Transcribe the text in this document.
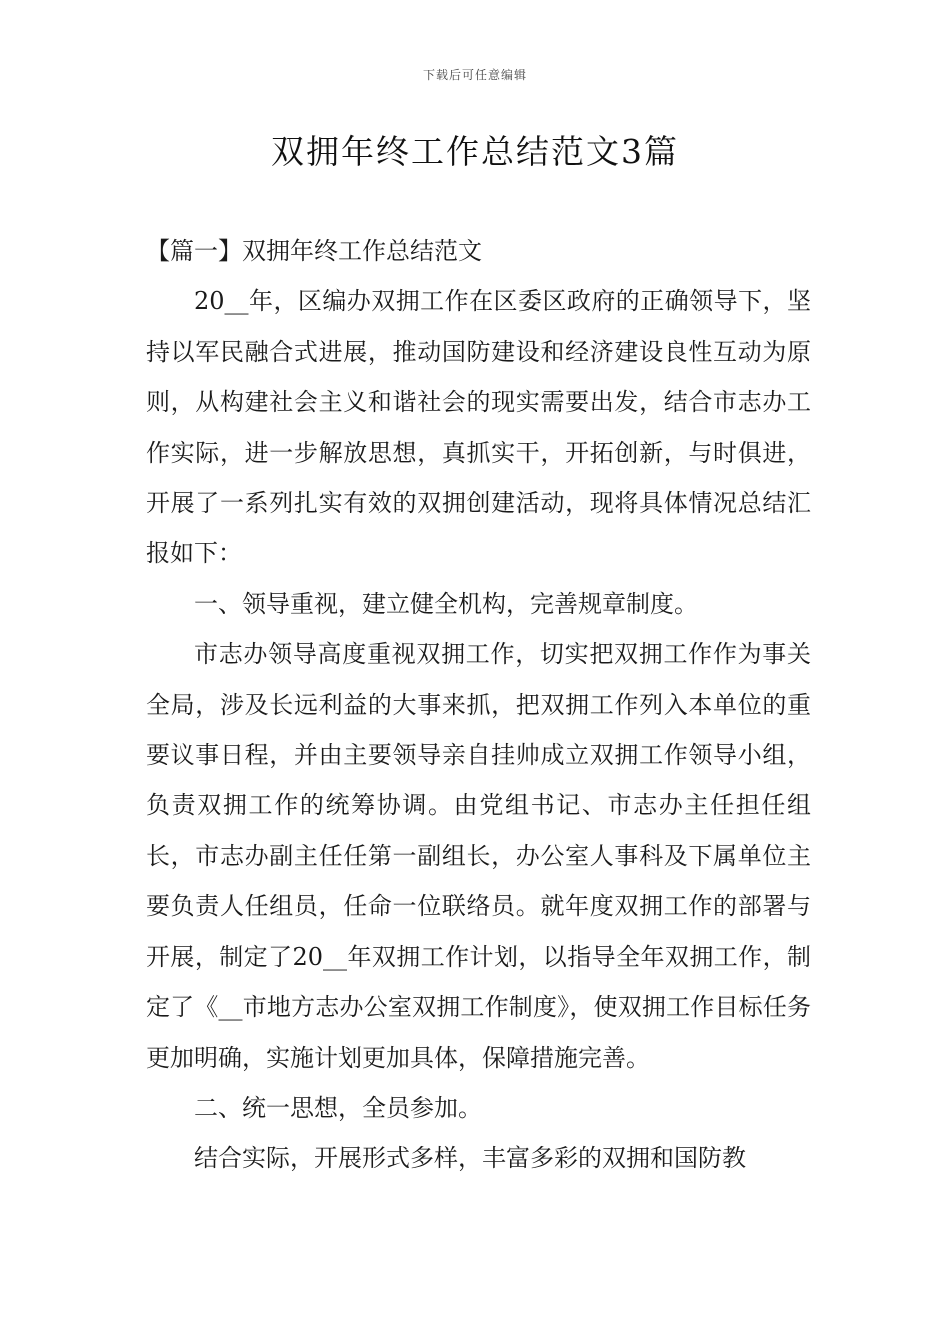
下载后可任意编辑
双拥年终工作总结范文3篇

【篇一】双拥年终工作总结范文

20__年，区编办双拥工作在区委区政府的正确领导下，坚持以军民融合式进展，推动国防建设和经济建设良性互动为原则，从构建社会主义和谐社会的现实需要出发，结合市志办工作实际，进一步解放思想，真抓实干，开拓创新，与时俱进，开展了一系列扎实有效的双拥创建活动，现将具体情况总结汇报如下：

一、领导重视，建立健全机构，完善规章制度。

市志办领导高度重视双拥工作，切实把双拥工作作为事关全局，涉及长远利益的大事来抓，把双拥工作列入本单位的重要议事日程，并由主要领导亲自挂帅成立双拥工作领导小组，负责双拥工作的统筹协调。由党组书记、市志办主任担任组长，市志办副主任任第一副组长，办公室人事科及下属单位主要负责人任组员，任命一位联络员。就年度双拥工作的部署与开展，制定了20__年双拥工作计划，以指导全年双拥工作，制定了《__市地方志办公室双拥工作制度》，使双拥工作目标任务更加明确，实施计划更加具体，保障措施完善。

二、统一思想，全员参加。

结合实际，开展形式多样，丰富多彩的双拥和国防教
